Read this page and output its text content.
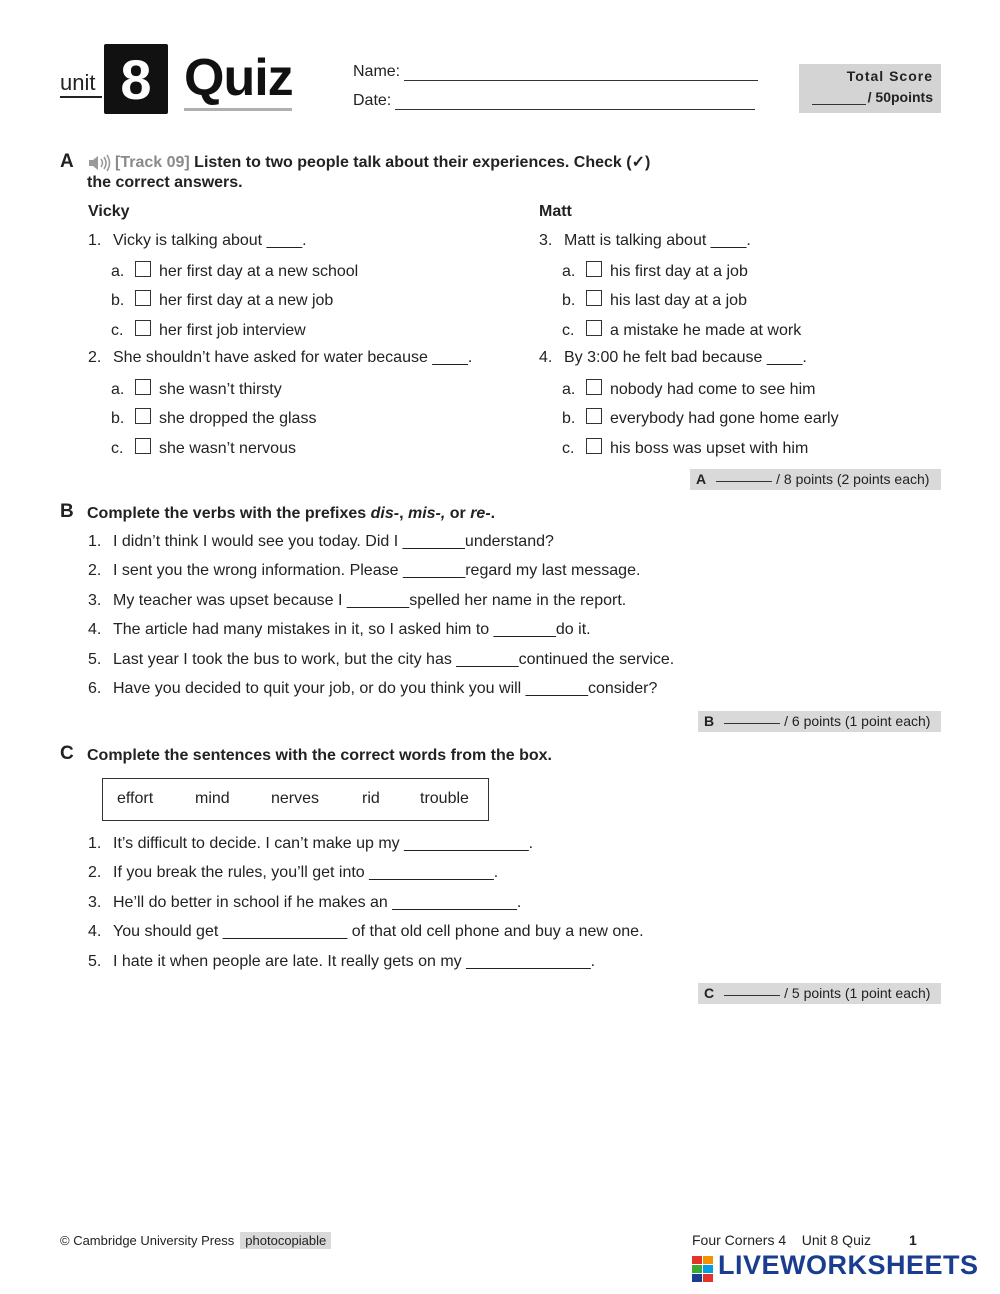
unit 8 Quiz	Name:
Date:
Total Score
/ 50points
A	[Track 09] Listen to two people talk about their experiences. Check (✓)
the correct answers.
Vicky	Matt
1. Vicky is talking about ____.
a. her first day at a new school
b. her first day at a new job
c. her first job interview
2. She shouldn’t have asked for water because ____.
a. she wasn’t thirsty
b. she dropped the glass
c. she wasn’t nervous
3. Matt is talking about ____.
a. his first day at a job
b. his last day at a job
c. a mistake he made at work
4. By 3:00 he felt bad because ____.
a. nobody had come to see him
b. everybody had gone home early
c. his boss was upset with him
A	/ 8 points (2 points each)
B Complete the verbs with the prefixes dis-, mis-, or re-.
1. I didn’t think I would see you today. Did I _______understand?
2. I sent you the wrong information. Please _______regard my last message.
3. My teacher was upset because I _______spelled her name in the report.
4. The article had many mistakes in it, so I asked him to _______do it.
5. Last year I took the bus to work, but the city has _______continued the service.
6. Have you decided to quit your job, or do you think you will _______consider?
B	/ 6 points (1 point each)
C Complete the sentences with the correct words from the box.
effort	mind	nerves	rid	trouble
1. It’s difficult to decide. I can’t make up my ______________.
2. If you break the rules, you’ll get into ______________.
3. He’ll do better in school if he makes an ______________.
4. You should get ______________ of that old cell phone and buy a new one.
5. I hate it when people are late. It really gets on my ______________.
C	/ 5 points (1 point each)
© Cambridge University Press photocopiable	Four Corners 4 Unit 8 Quiz	1
LIVEWORKSHEETS
